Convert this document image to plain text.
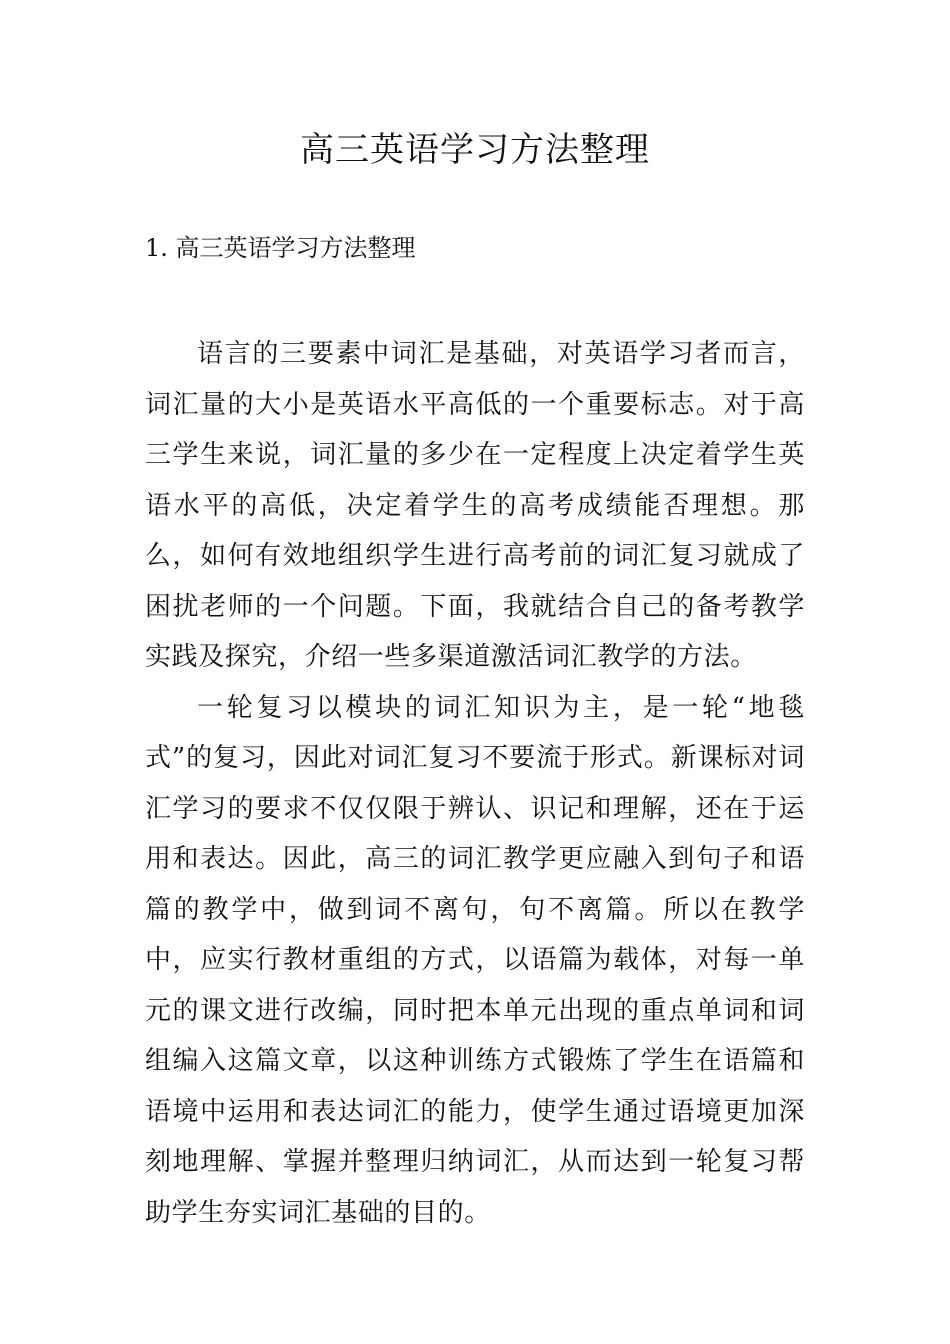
高三英语学习方法整理
1. 高三英语学习方法整理

语言的三要素中词汇是基础，对英语学习者而言，词汇量的大小是英语水平高低的一个重要标志。对于高三学生来说，词汇量的多少在一定程度上决定着学生英语水平的高低，决定着学生的高考成绩能否理想。那么，如何有效地组织学生进行高考前的词汇复习就成了困扰老师的一个问题。下面，我就结合自己的备考教学实践及探究，介绍一些多渠道激活词汇教学的方法。

一轮复习以模块的词汇知识为主，是一轮“地毯式”的复习，因此对词汇复习不要流于形式。新课标对词汇学习的要求不仅仅限于辨认、识记和理解，还在于运用和表达。因此，高三的词汇教学更应融入到句子和语篇的教学中，做到词不离句，句不离篇。所以在教学中，应实行教材重组的方式，以语篇为载体，对每一单元的课文进行改编，同时把本单元出现的重点单词和词组编入这篇文章，以这种训练方式锻炼了学生在语篇和语境中运用和表达词汇的能力，使学生通过语境更加深刻地理解、掌握并整理归纳词汇，从而达到一轮复习帮助学生夯实词汇基础的目的。
